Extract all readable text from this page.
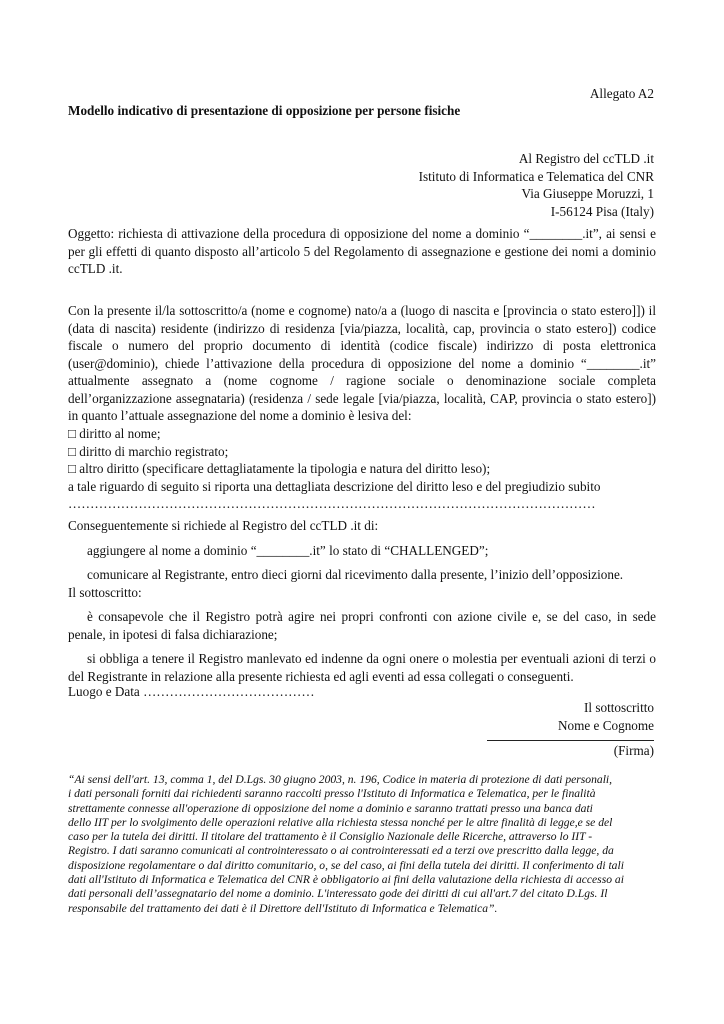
Allegato A2
Modello indicativo di presentazione di opposizione per persone fisiche
Al Registro del ccTLD .it
Istituto di Informatica e Telematica del CNR
Via Giuseppe Moruzzi, 1
I-56124 Pisa (Italy)
Oggetto: richiesta di attivazione della procedura di opposizione del nome a dominio “________.it”, ai sensi e per gli effetti di quanto disposto all’articolo 5 del Regolamento di assegnazione e gestione dei nomi a dominio ccTLD .it.
Con la presente il/la sottoscritto/a (nome e cognome) nato/a a (luogo di nascita e [provincia o stato estero]]) il (data di nascita) residente (indirizzo di residenza [via/piazza, località, cap, provincia o stato estero]) codice fiscale o numero del proprio documento di identità (codice fiscale) indirizzo di posta elettronica (user@dominio), chiede l’attivazione della procedura di opposizione del nome a dominio “________.it” attualmente assegnato a (nome cognome / ragione sociale o denominazione sociale completa dell’organizzazione assegnataria) (residenza / sede legale [via/piazza, località, CAP, provincia o stato estero]) in quanto l’attuale assegnazione del nome a dominio è lesiva del:
□ diritto al nome;
□ diritto di marchio registrato;
□ altro diritto (specificare dettagliatamente la tipologia e natura del diritto leso);
a tale riguardo di seguito si riporta una dettagliata descrizione del diritto leso e del pregiudizio subito
…………………………………………………………………………………………………………
Conseguentemente si richiede al Registro del ccTLD .it di:
aggiungere al nome a dominio “________.it” lo stato di “CHALLENGED”;
comunicare al Registrante, entro dieci giorni dal ricevimento dalla presente, l’inizio dell’opposizione.
Il sottoscritto:

è consapevole che il Registro potrà agire nei propri confronti con azione civile e, se del caso, in sede penale, in ipotesi di falsa dichiarazione;

si obbliga a tenere il Registro manlevato ed indenne da ogni onere o molestia per eventuali azioni di terzi o del Registrante in relazione alla presente richiesta ed agli eventi ad essa collegati o conseguenti.

Luogo e Data …………………………………
Il sottoscritto
Nome e Cognome
(Firma)
“Ai sensi dell'art. 13, comma 1, del D.Lgs. 30 giugno 2003, n. 196, Codice in materia di protezione di dati personali,
i dati personali forniti dai richiedenti saranno raccolti presso l'Istituto di Informatica e Telematica, per le finalità
strettamente connesse all'operazione di opposizione del nome a dominio e saranno trattati presso una banca dati
dello IIT per lo svolgimento delle operazioni relative alla richiesta stessa nonché per le altre finalità di legge,e se del
caso per la tutela dei diritti. Il titolare del trattamento è il Consiglio Nazionale delle Ricerche, attraverso lo IIT -
Registro. I dati saranno comunicati al controinteressato o ai controinteressati ed a terzi ove prescritto dalla legge, da
disposizione regolamentare o dal diritto comunitario, o, se del caso, ai fini della tutela dei diritti. Il conferimento di tali
dati all'Istituto di Informatica e Telematica del CNR è obbligatorio ai fini della valutazione della richiesta di accesso ai
dati personali dell’assegnatario del nome a dominio. L'interessato gode dei diritti di cui all'art.7 del citato D.Lgs. Il
responsabile del trattamento dei dati è il Direttore dell'Istituto di Informatica e Telematica”.
